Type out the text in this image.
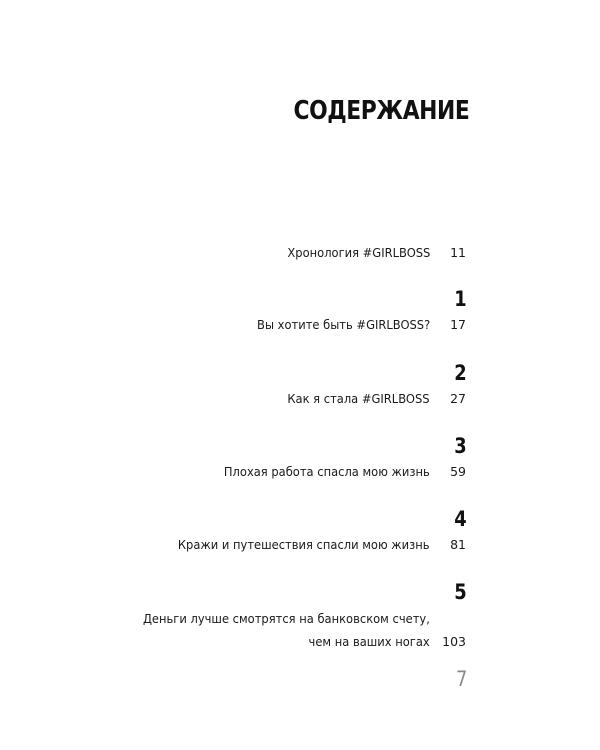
СОДЕРЖАНИЕ
Хронология #GIRLBOSS 11
1
Вы хотите быть #GIRLBOSS? 17
2
Как я стала #GIRLBOSS 27
3
Плохая работа спасла мою жизнь 59
4
Кражи и путешествия спасли мою жизнь 81
5
Деньги лучше смотрятся на банковском счету,
чем на ваших ногах 103
7
